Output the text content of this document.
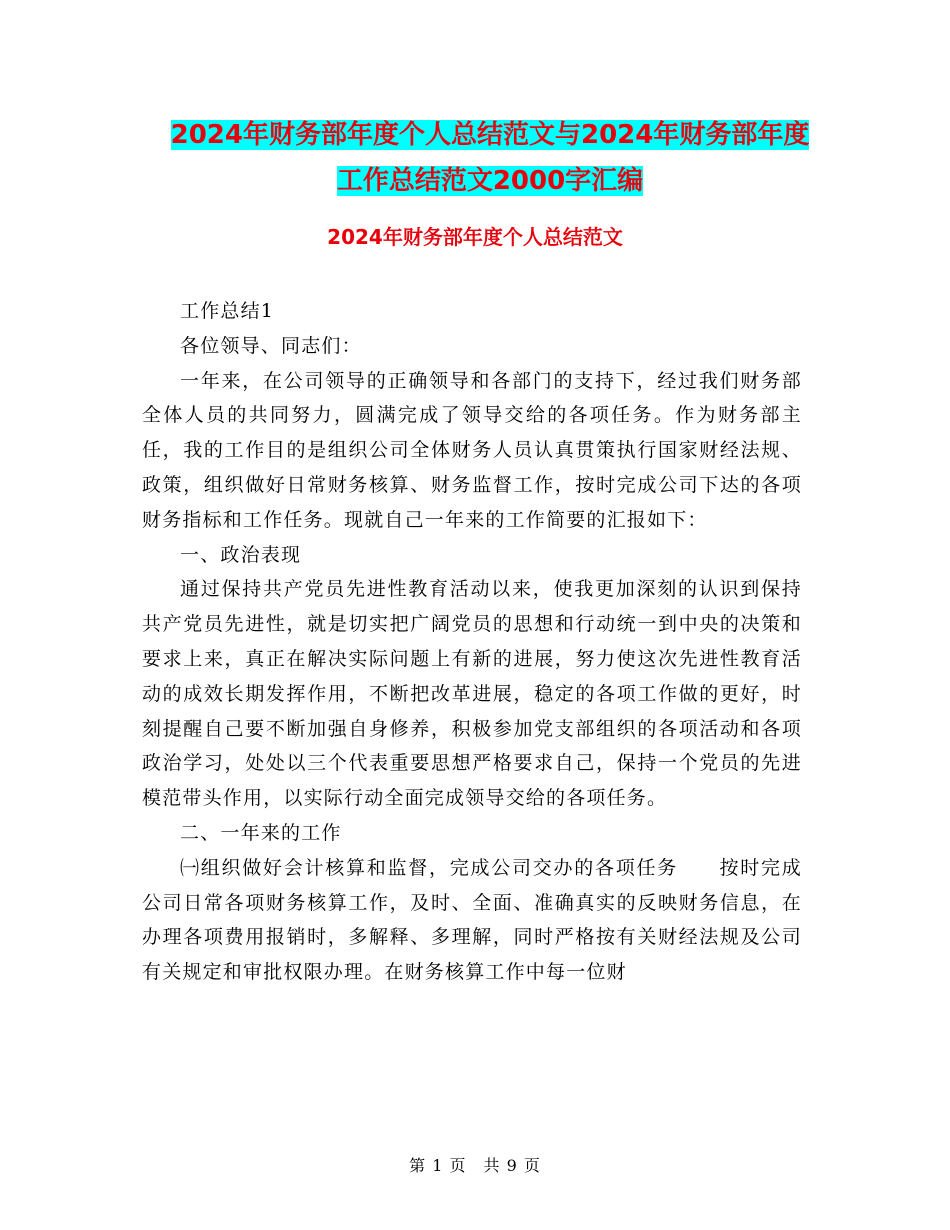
2024年财务部年度个人总结范文与2024年财务部年度
工作总结范文2000字汇编
2024年财务部年度个人总结范文

工作总结1

各位领导、同志们：

一年来，在公司领导的正确领导和各部门的支持下，经过我们财务部全体人员的共同努力，圆满完成了领导交给的各项任务。作为财务部主任，我的工作目的是组织公司全体财务人员认真贯策执行国家财经法规、政策，组织做好日常财务核算、财务监督工作，按时完成公司下达的各项财务指标和工作任务。现就自己一年来的工作简要的汇报如下：

一、政治表现

通过保持共产党员先进性教育活动以来，使我更加深刻的认识到保持共产党员先进性，就是切实把广阔党员的思想和行动统一到中央的决策和要求上来，真正在解决实际问题上有新的进展，努力使这次先进性教育活动的成效长期发挥作用，不断把改革进展，稳定的各项工作做的更好，时刻提醒自己要不断加强自身修养，积极参加党支部组织的各项活动和各项政治学习，处处以三个代表重要思想严格要求自己，保持一个党员的先进模范带头作用，以实际行动全面完成领导交给的各项任务。

二、一年来的工作

㈠组织做好会计核算和监督，完成公司交办的各项任务　　按时完成公司日常各项财务核算工作，及时、全面、准确真实的反映财务信息，在办理各项费用报销时，多解释、多理解，同时严格按有关财经法规及公司有关规定和审批权限办理。在财务核算工作中每一位财

第 1 页　共 9 页
